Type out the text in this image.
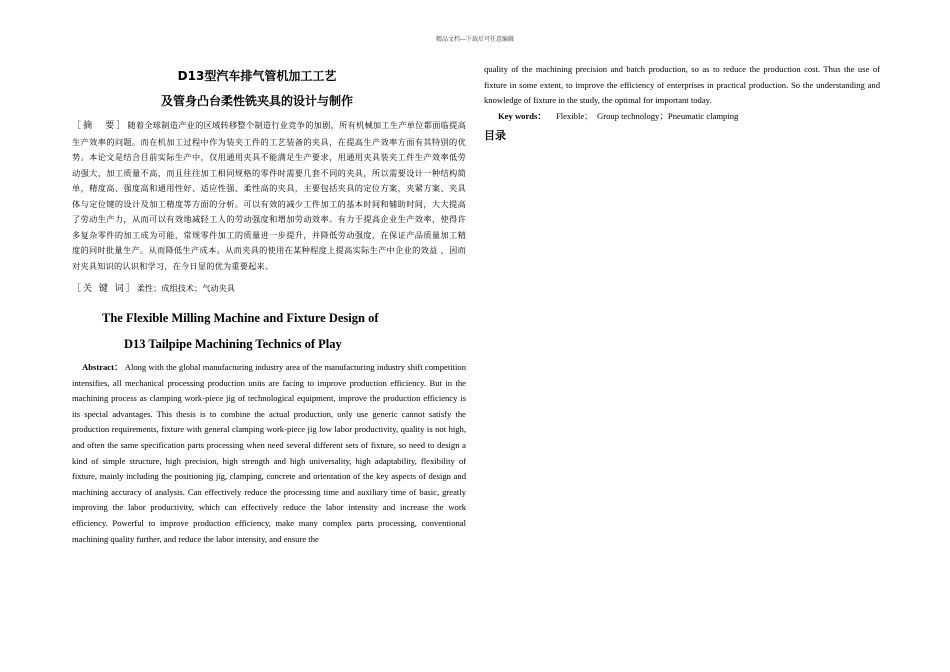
精品文档---下载后可任意编辑
D13型汽车排气管机加工工艺
及管身凸台柔性铣夹具的设计与制作
［摘　要］随着全球制造产业的区域转移整个制造行业竞争的加剧，所有机械加工生产单位都面临提高生产效率的问题。而在机加工过程中作为装夹工件的工艺装备的夹具，在提高生产效率方面有其特别的优势。本论文是结合目前实际生产中，仅用通用夹具不能满足生产要求，用通用夹具装夹工件生产效率低劳动强大，加工质量不高，而且往往加工相同规格的零件时需要几套不同的夹具，所以需要设计一种结构简单，精度高、强度高和通用性好、适应性强、柔性高的夹具，主要包括夹具的定位方案，夹紧方案、夹具体与定位键的设计及加工精度等方面的分析。可以有效的减少工件加工的基本时间和辅助时间，大大提高了劳动生产力，从而可以有效地减轻工人的劳动强度和增加劳动效率。有力于提高企业生产效率，使得许多复杂零件的加工成为可能，常规零件加工的质量进一步提升，并降低劳动强度，在保证产品质量加工精度的同时批量生产。从而降低生产成本。从而夹具的使用在某种程度上提高实际生产中企业的效益 ，因而对夹具知识的认识和学习，在今日显的优为重要起来。
［关 键 词］柔性；成组技术；气动夹具
The Flexible Milling Machine and Fixture Design of
D13 Tailpipe Machining Technics of Play
Abstract： Along with the global manufacturing industry area of the manufacturing industry shift competition intensifies, all mechanical processing production units are facing to improve production efficiency. But in the machining process as clamping work-piece jig of technological equipment, improve the production efficiency is its special advantages. This thesis is to combine the actual production, only use generic cannot satisfy the production requirements, fixture with general clamping work-piece jig low labor productivity, quality is not high, and often the same specification parts processing when need several different sets of fixture, so need to design a kind of simple structure, high precision, high strength and high universality, high adaptability, flexibility of fixture, mainly including the positioning jig, clamping, concrete and orientation of the key aspects of design and machining accuracy of analysis. Can effectively reduce the processing time and auxiliary time of basic, greatly improving the labor productivity, which can effectively reduce the labor intensity and increase the work efficiency. Powerful to improve production efficiency, make many complex parts processing, conventional machining quality further, and reduce the labor intensity, and ensure the
quality of the machining precision and batch production, so as to reduce the production cost. Thus the use of fixture in some extent, to improve the efficiency of enterprises in practical production. So the understanding and knowledge of fixture in the study, the optimal for important today.
Key words： Flexible；　Group technology；Pneumatic clamping
目录
